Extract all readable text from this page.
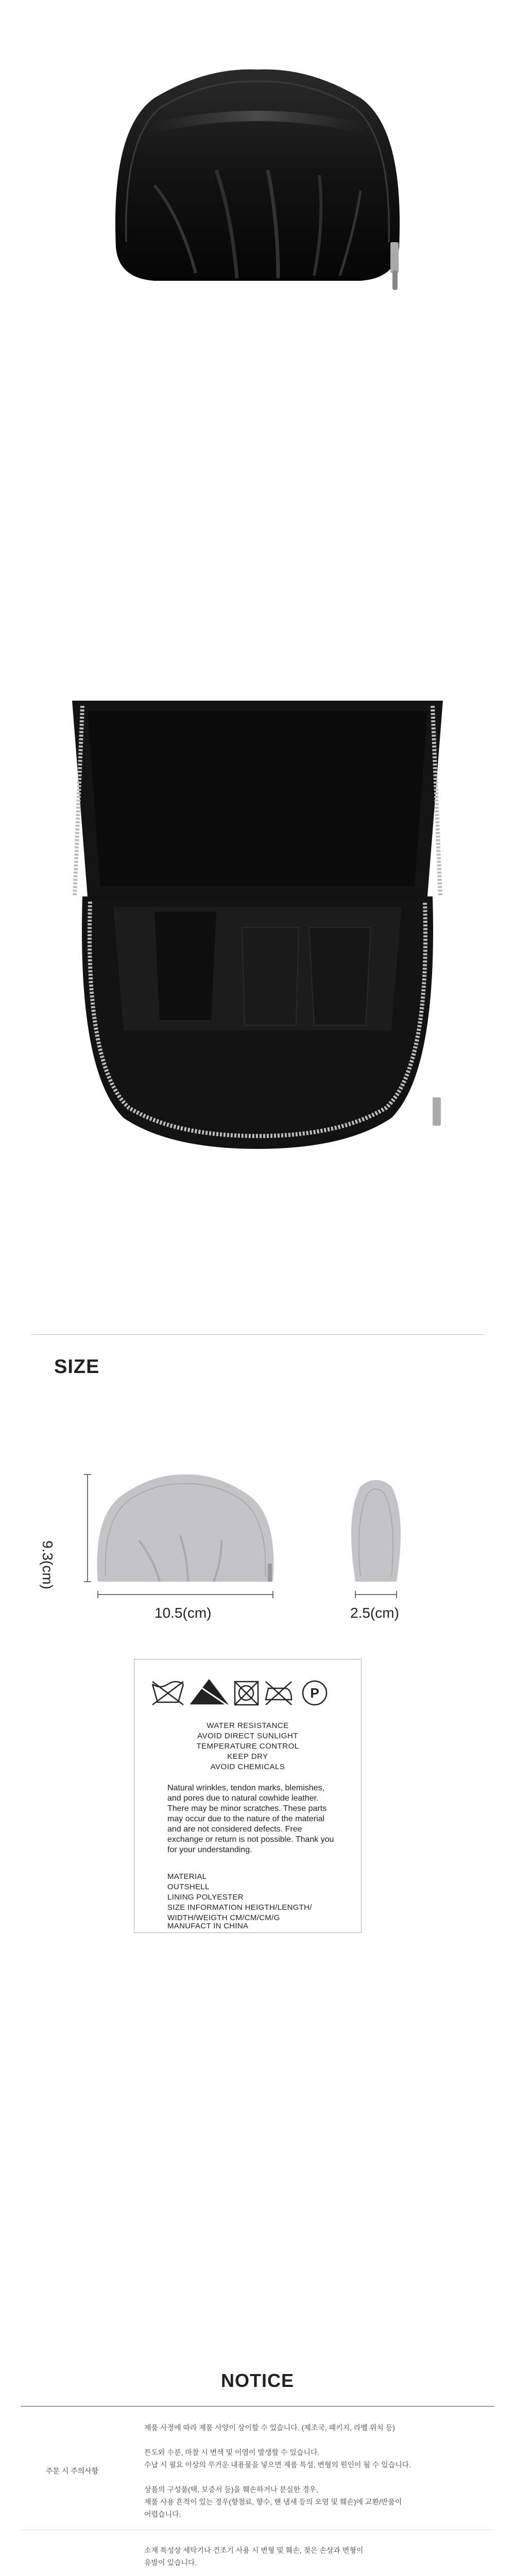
SIZE
9.3(cm)
10.5(cm)	2.5(cm)
P
WATER RESISTANCE
AVOID DIRECT SUNLIGHT
TEMPERATURE CONTROL
KEEP DRY
AVOID CHEMICALS
Natural wrinkles, tendon marks, blemishes, and pores due to natural cowhide leather. There may be minor scratches. These parts may occur due to the nature of the material and are not considered defects. Free exchange or return is not possible. Thank you for your understanding.
MATERIAL
OUTSHELL
LINING POLYESTER
SIZE INFORMATION HEIGTH/LENGTH/
WIDTH/WEIGTH CM/CM/CM/G
MANUFACT IN CHINA
NOTICE
주문 시 주의사항
제품 사정에 따라 제품 사양이 상이할 수 있습니다. (제조국, 패키지, 라벨 위치 등)
튼도와 수분, 마찰 시 변색 및 이염이 발생할 수 있습니다.
수납 시 필요 이상의 무거운 내용물을 넣으면 제품 특성, 변형의 원인이 될 수 있습니다.
상품의 구성품(택, 보증서 등)을 훼손하거나 분실한 경우,
제품 사용 흔적이 있는 경우(향첨료, 향수, 핸 냄새 등의 오염 및 훼손)에 교환/반품이
어렵습니다.
소재 특성상 세탁기나 건조기 사용 시 변형 및 훼손, 젖은 손상과 변형이
유발이 있습니다.
